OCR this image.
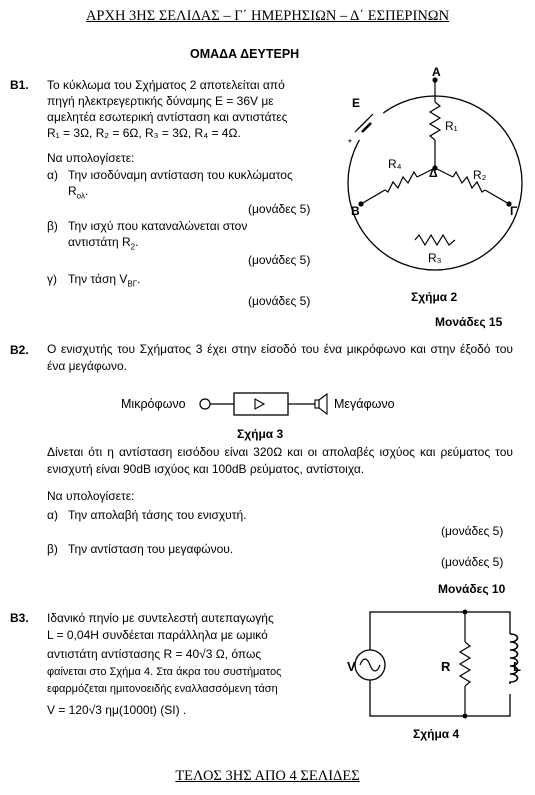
ΑΡΧΗ 3ΗΣ ΣΕΛΙΔΑΣ – Γ΄ ΗΜΕΡΗΣΙΩΝ – Δ΄ ΕΣΠΕΡΙΝΩΝ
ΟΜΑΔΑ ΔΕΥΤΕΡΗ
Β1. Το κύκλωμα του Σχήματος 2 αποτελείται από
πηγή ηλεκτρεγερτικής δύναμης Ε = 36V με
αμελητέα εσωτερική αντίσταση και αντιστάτες
R₁ = 3Ω, R₂ = 6Ω, R₃ = 3Ω, R₄ = 4Ω.
Να υπολογίσετε:
α) Την ισοδύναμη αντίσταση του κυκλώματος
$R_{o\lambda}$.
(μονάδες 5)
β) Την ισχύ που καταναλώνεται στον
αντιστάτη $R_2$.
(μονάδες 5)
γ) Την τάση $V_{B\Gamma}$.
(μονάδες 5)
*
Α
R₁
Ε
R₄
Δ	R₂
Β	Γ
R₃
Σχήμα 2
Μονάδες 15
Β2. Ο ενισχυτής του Σχήματος 3 έχει στην είσοδό του ένα μικρόφωνο και στην έξοδό του ένα μεγάφωνο.
Μικρόφωνο	Μεγάφωνο
Σχήμα 3
Δίνεται ότι η αντίσταση εισόδου είναι 320Ω και οι απολαβές ισχύος και ρεύματος του ενισχυτή είναι 90dB ισχύος και 100dB ρεύματος, αντίστοιχα.
Να υπολογίσετε:
α) Την απολαβή τάσης του ενισχυτή.
(μονάδες 5)
β) Την αντίσταση του μεγαφώνου.
(μονάδες 5)
Μονάδες 10
Β3. Ιδανικό πηνίο με συντελεστή αυτεπαγωγής
L = 0,04H συνδέεται παράλληλα με ωμικό
αντιστάτη αντίστασης R = 40√3 Ω, όπως
φαίνεται στο Σχήμα 4. Στα άκρα του συστήματος
εφαρμόζεται ημιτονοειδής εναλλασσόμενη τάση
V = 120√3 ημ(1000t) (SI) .
V	R	L
Σχήμα 4
ΤΕΛΟΣ 3ΗΣ ΑΠΟ 4 ΣΕΛΙΔΕΣ
